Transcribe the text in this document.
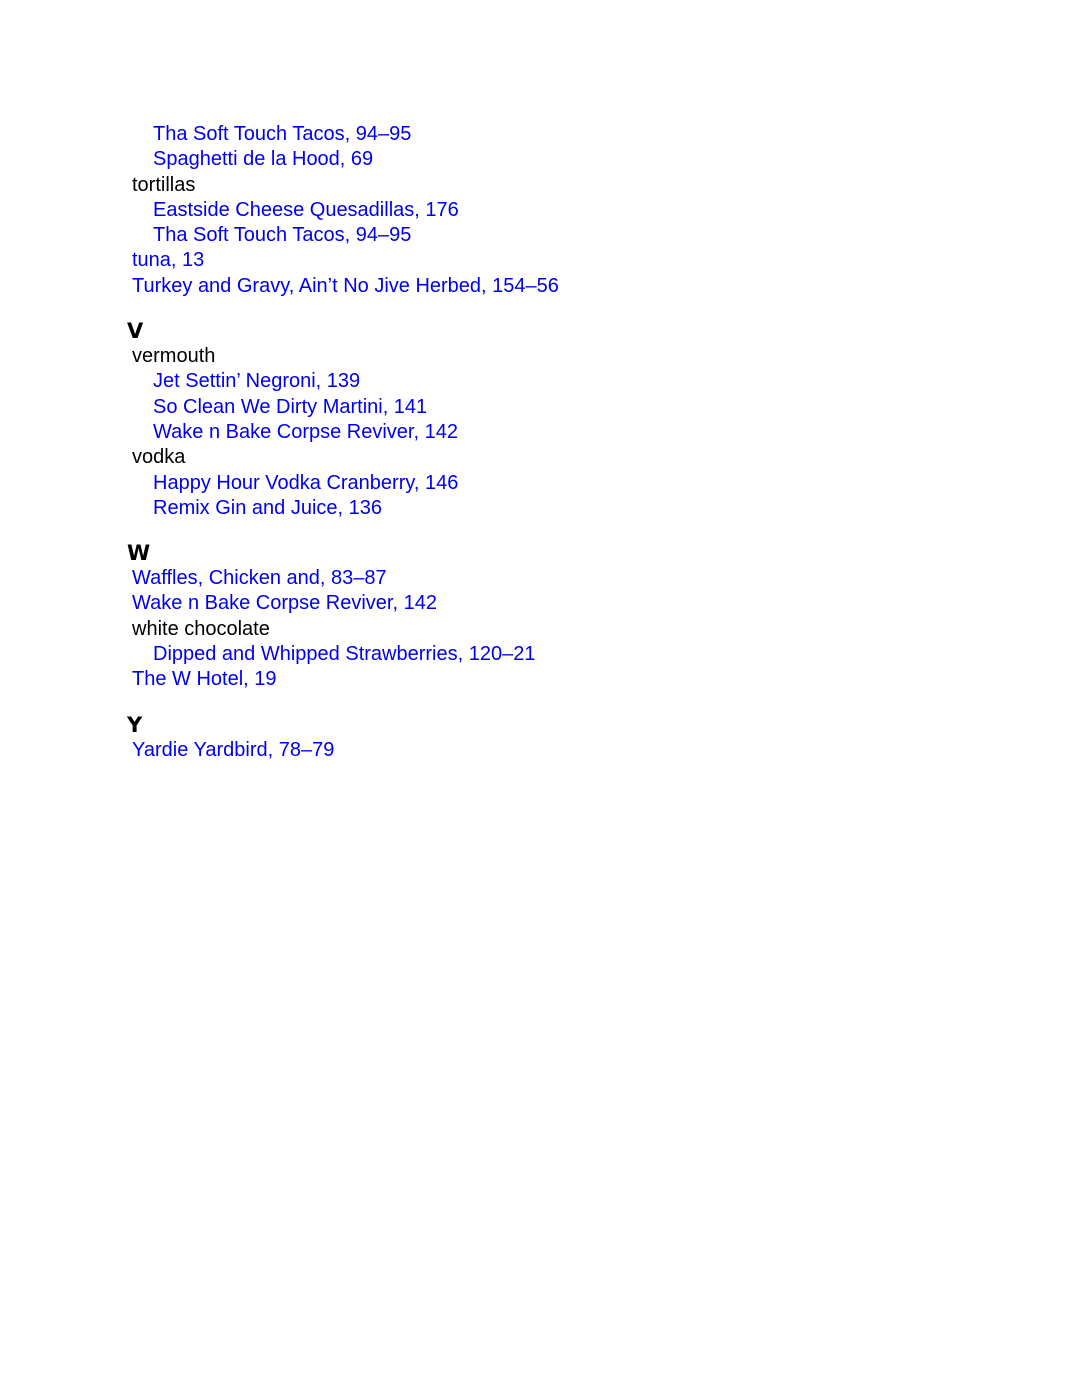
Tha Soft Touch Tacos, 94–95
Spaghetti de la Hood, 69
tortillas
Eastside Cheese Quesadillas, 176
Tha Soft Touch Tacos, 94–95
tuna, 13
Turkey and Gravy, Ain’t No Jive Herbed, 154–56
V
vermouth
Jet Settin’ Negroni, 139
So Clean We Dirty Martini, 141
Wake n Bake Corpse Reviver, 142
vodka
Happy Hour Vodka Cranberry, 146
Remix Gin and Juice, 136
W
Waffles, Chicken and, 83–87
Wake n Bake Corpse Reviver, 142
white chocolate
Dipped and Whipped Strawberries, 120–21
The W Hotel, 19
Y
Yardie Yardbird, 78–79
